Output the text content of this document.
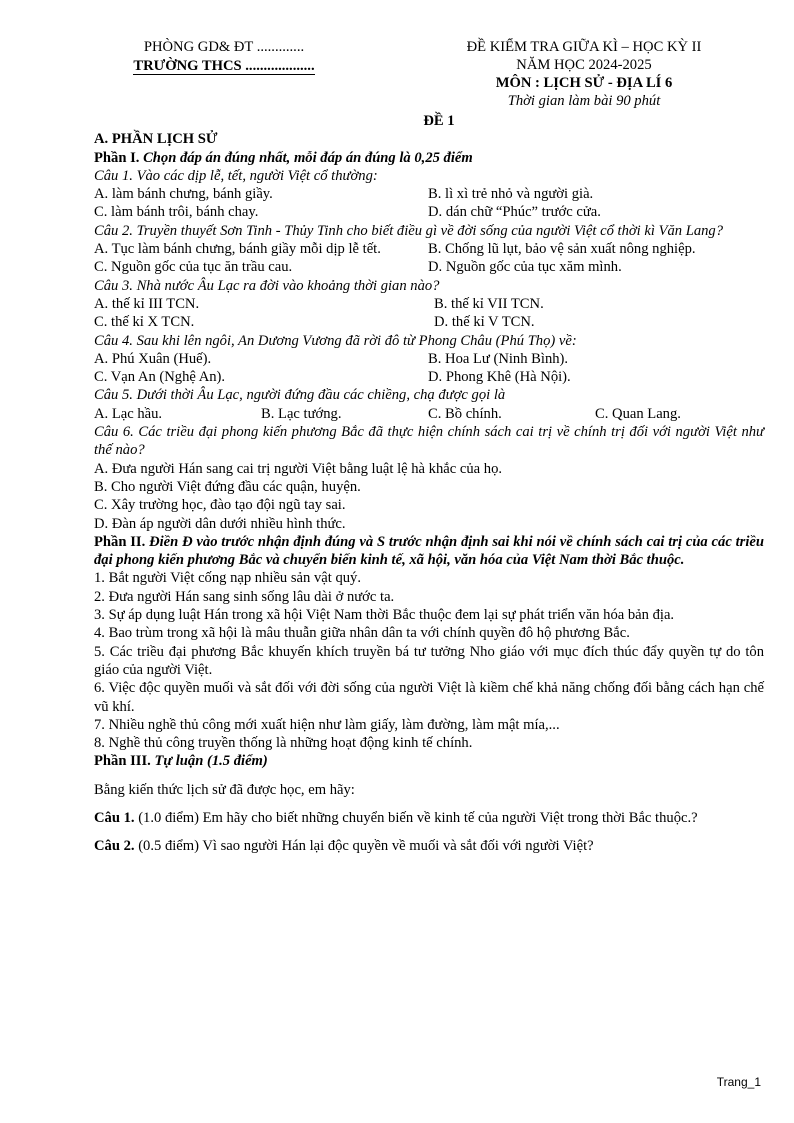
PHÒNG GD& ĐT .............
TRƯỜNG THCS ...................
ĐỀ KIỂM TRA GIỮA KÌ – HỌC KỲ II
NĂM HỌC 2024-2025
MÔN : LỊCH SỬ - ĐỊA LÍ 6
Thời gian làm bài 90 phút
ĐỀ 1
A. PHẦN LỊCH SỬ
Phần I. Chọn đáp án đúng nhất, mỗi đáp án đúng là 0,25 điểm
Câu 1. Vào các dịp lễ, tết, người Việt cổ thường:
A. làm bánh chưng, bánh giầy.	B. lì xì trẻ nhỏ và người già.
C. làm bánh trôi, bánh chay.	D. dán chữ “Phúc” trước cửa.
Câu 2. Truyền thuyết Sơn Tinh - Thủy Tinh cho biết điều gì về đời sống của người Việt cổ thời kì Văn Lang?
A. Tục làm bánh chưng, bánh giầy mỗi dịp lễ tết.	B. Chống lũ lụt, bảo vệ sản xuất nông nghiệp.
C. Nguồn gốc của tục ăn trầu cau.	D. Nguồn gốc của tục xăm mình.
Câu 3. Nhà nước Âu Lạc ra đời vào khoảng thời gian nào?
A. thế kỉ III TCN.	B. thế kỉ VII TCN.
C. thế kỉ X TCN.	D. thế kỉ V TCN.
Câu 4. Sau khi lên ngôi, An Dương Vương đã rời đô từ Phong Châu (Phú Thọ) về:
A. Phú Xuân (Huế).	B. Hoa Lư (Ninh Bình).
C. Vạn An (Nghệ An).	D. Phong Khê (Hà Nội).
Câu 5. Dưới thời Âu Lạc, người đứng đầu các chiềng, chạ được gọi là
A. Lạc hầu.	B. Lạc tướng.	C. Bồ chính.	C. Quan Lang.
Câu 6. Các triều đại phong kiến phương Bắc đã thực hiện chính sách cai trị về chính trị đối với người Việt như thế nào?
A. Đưa người Hán sang cai trị người Việt bằng luật lệ hà khắc của họ.
B. Cho người Việt đứng đầu các quận, huyện.
C. Xây trường học, đào tạo đội ngũ tay sai.
D. Đàn áp người dân dưới nhiều hình thức.
Phần II. Điền Đ vào trước nhận định đúng và S trước nhận định sai khi nói về chính sách cai trị của các triều đại phong kiến phương Bắc và chuyển biến kinh tế, xã hội, văn hóa của Việt Nam thời Bắc thuộc.
1. Bắt người Việt cống nạp nhiều sản vật quý.
2. Đưa người Hán sang sinh sống lâu dài ở nước ta.
3. Sự áp dụng luật Hán trong xã hội Việt Nam thời Bắc thuộc đem lại sự phát triển văn hóa bản địa.
4. Bao trùm trong xã hội là mâu thuẫn giữa nhân dân ta với chính quyền đô hộ phương Bắc.
5. Các triều đại phương Bắc khuyến khích truyền bá tư tưởng Nho giáo với mục đích thúc đẩy quyền tự do tôn giáo của người Việt.
6. Việc độc quyền muối và sắt đối với đời sống của người Việt là kiềm chế khả năng chống đối bằng cách hạn chế vũ khí.
7. Nhiều nghề thủ công mới xuất hiện như làm giấy, làm đường, làm mật mía,...
8. Nghề thủ công truyền thống là những hoạt động kinh tế chính.
Phần III. Tự luận (1.5 điểm)
Bằng kiến thức lịch sử đã được học, em hãy:
Câu 1. (1.0 điểm) Em hãy cho biết những chuyển biến về kinh tế của người Việt trong thời Bắc thuộc.?
Câu 2. (0.5 điểm) Vì sao người Hán lại độc quyền về muối và sắt đối với người Việt?
Trang_1
